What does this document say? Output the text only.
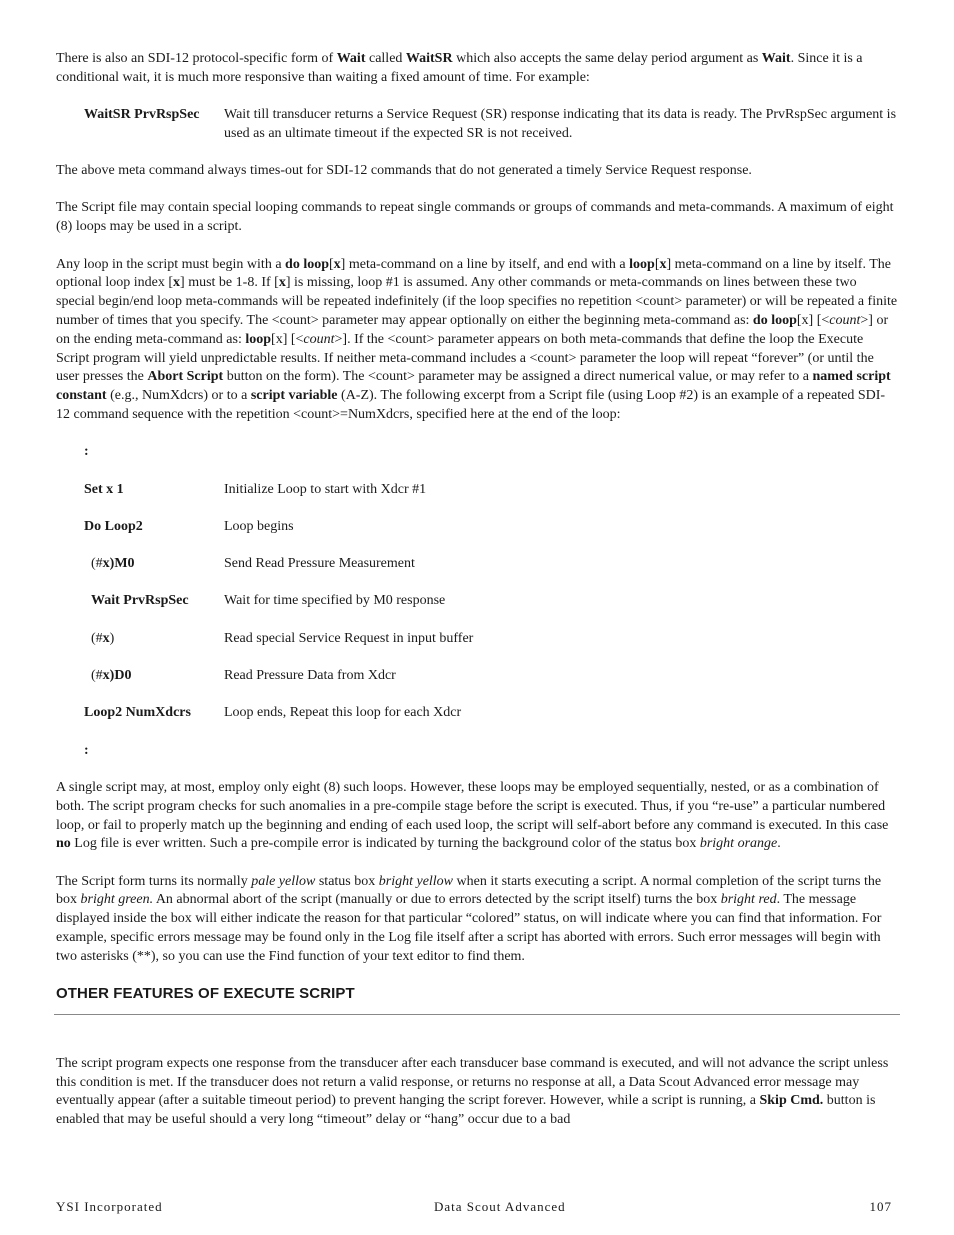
There is also an SDI-12 protocol-specific form of Wait called WaitSR which also accepts the same delay period argument as Wait. Since it is a conditional wait, it is much more responsive than waiting a fixed amount of time. For example:

WaitSR PrvRspSec	Wait till transducer returns a Service Request (SR) response indicating that its data is ready. The PrvRspSec argument is used as an ultimate timeout if the expected SR is not received.

The above meta command always times-out for SDI-12 commands that do not generated a timely Service Request response.

The Script file may contain special looping commands to repeat single commands or groups of commands and meta-commands. A maximum of eight (8) loops may be used in a script.

Any loop in the script must begin with a do loop[x] meta-command on a line by itself, and end with a loop[x] meta-command on a line by itself. The optional loop index [x] must be 1-8. If [x] is missing, loop #1 is assumed. Any other commands or meta-commands on lines between these two special begin/end loop meta-commands will be repeated indefinitely (if the loop specifies no repetition <count> parameter) or will be repeated a finite number of times that you specify. The <count> parameter may appear optionally on either the beginning meta-command as: do loop[x] [<count>] or on the ending meta-command as: loop[x] [<count>]. If the <count> parameter appears on both meta-commands that define the loop the Execute Script program will yield unpredictable results. If neither meta-command includes a <count> parameter the loop will repeat “forever” (or until the user presses the Abort Script button on the form). The <count> parameter may be assigned a direct numerical value, or may refer to a named script constant (e.g., NumXdcrs) or to a script variable (A-Z). The following excerpt from a Script file (using Loop #2) is an example of a repeated SDI-12 command sequence with the repetition <count>=NumXdcrs, specified here at the end of the loop:

:
Set x 1	Initialize Loop to start with Xdcr #1
Do Loop2	Loop begins
(#x)M0	Send Read Pressure Measurement
Wait PrvRspSec	Wait for time specified by M0 response
(#x)	Read special Service Request in input buffer
(#x)D0	Read Pressure Data from Xdcr
Loop2 NumXdcrs	Loop ends, Repeat this loop for each Xdcr
:

A single script may, at most, employ only eight (8) such loops. However, these loops may be employed sequentially, nested, or as a combination of both. The script program checks for such anomalies in a pre-compile stage before the script is executed. Thus, if you “re-use” a particular numbered loop, or fail to properly match up the beginning and ending of each used loop, the script will self-abort before any command is executed. In this case no Log file is ever written. Such a pre-compile error is indicated by turning the background color of the status box bright orange.

The Script form turns its normally pale yellow status box bright yellow when it starts executing a script. A normal completion of the script turns the box bright green. An abnormal abort of the script (manually or due to errors detected by the script itself) turns the box bright red. The message displayed inside the box will either indicate the reason for that particular “colored” status, on will indicate where you can find that information. For example, specific errors message may be found only in the Log file itself after a script has aborted with errors. Such error messages will begin with two asterisks (**), so you can use the Find function of your text editor to find them.

OTHER FEATURES OF EXECUTE SCRIPT

The script program expects one response from the transducer after each transducer base command is executed, and will not advance the script unless this condition is met. If the transducer does not return a valid response, or returns no response at all, a Data Scout Advanced error message may eventually appear (after a suitable timeout period) to prevent hanging the script forever. However, while a script is running, a Skip Cmd. button is enabled that may be useful should a very long “timeout” delay or “hang” occur due to a bad

YSI Incorporated	Data Scout Advanced	107
